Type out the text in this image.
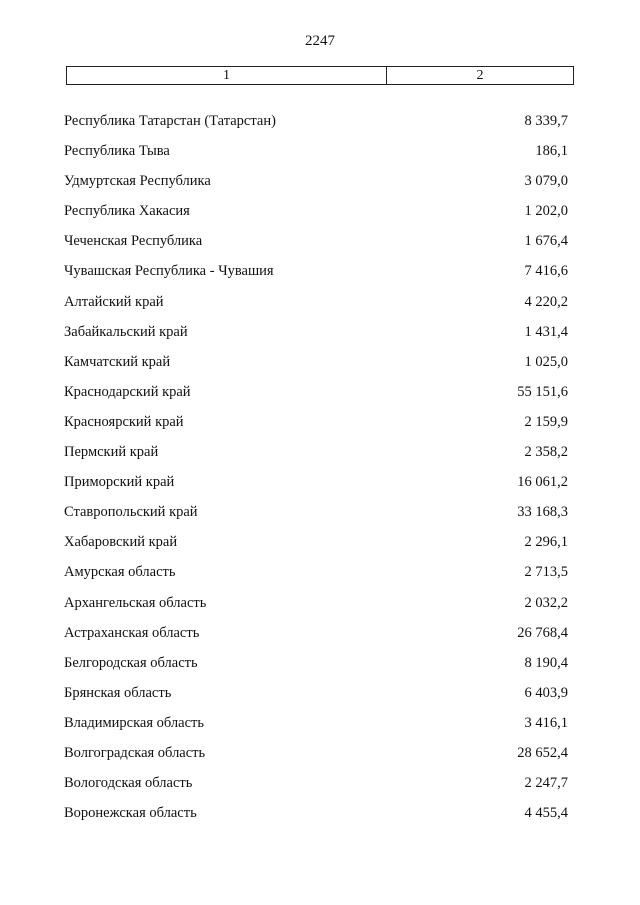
2247
1	2
Республика Татарстан (Татарстан)	8 339,7
Республика Тыва	186,1
Удмуртская Республика	3 079,0
Республика Хакасия	1 202,0
Чеченская Республика	1 676,4
Чувашская Республика - Чувашия	7 416,6
Алтайский край	4 220,2
Забайкальский край	1 431,4
Камчатский край	1 025,0
Краснодарский край	55 151,6
Красноярский край	2 159,9
Пермский край	2 358,2
Приморский край	16 061,2
Ставропольский край	33 168,3
Хабаровский край	2 296,1
Амурская область	2 713,5
Архангельская область	2 032,2
Астраханская область	26 768,4
Белгородская область	8 190,4
Брянская область	6 403,9
Владимирская область	3 416,1
Волгоградская область	28 652,4
Вологодская область	2 247,7
Воронежская область	4 455,4
